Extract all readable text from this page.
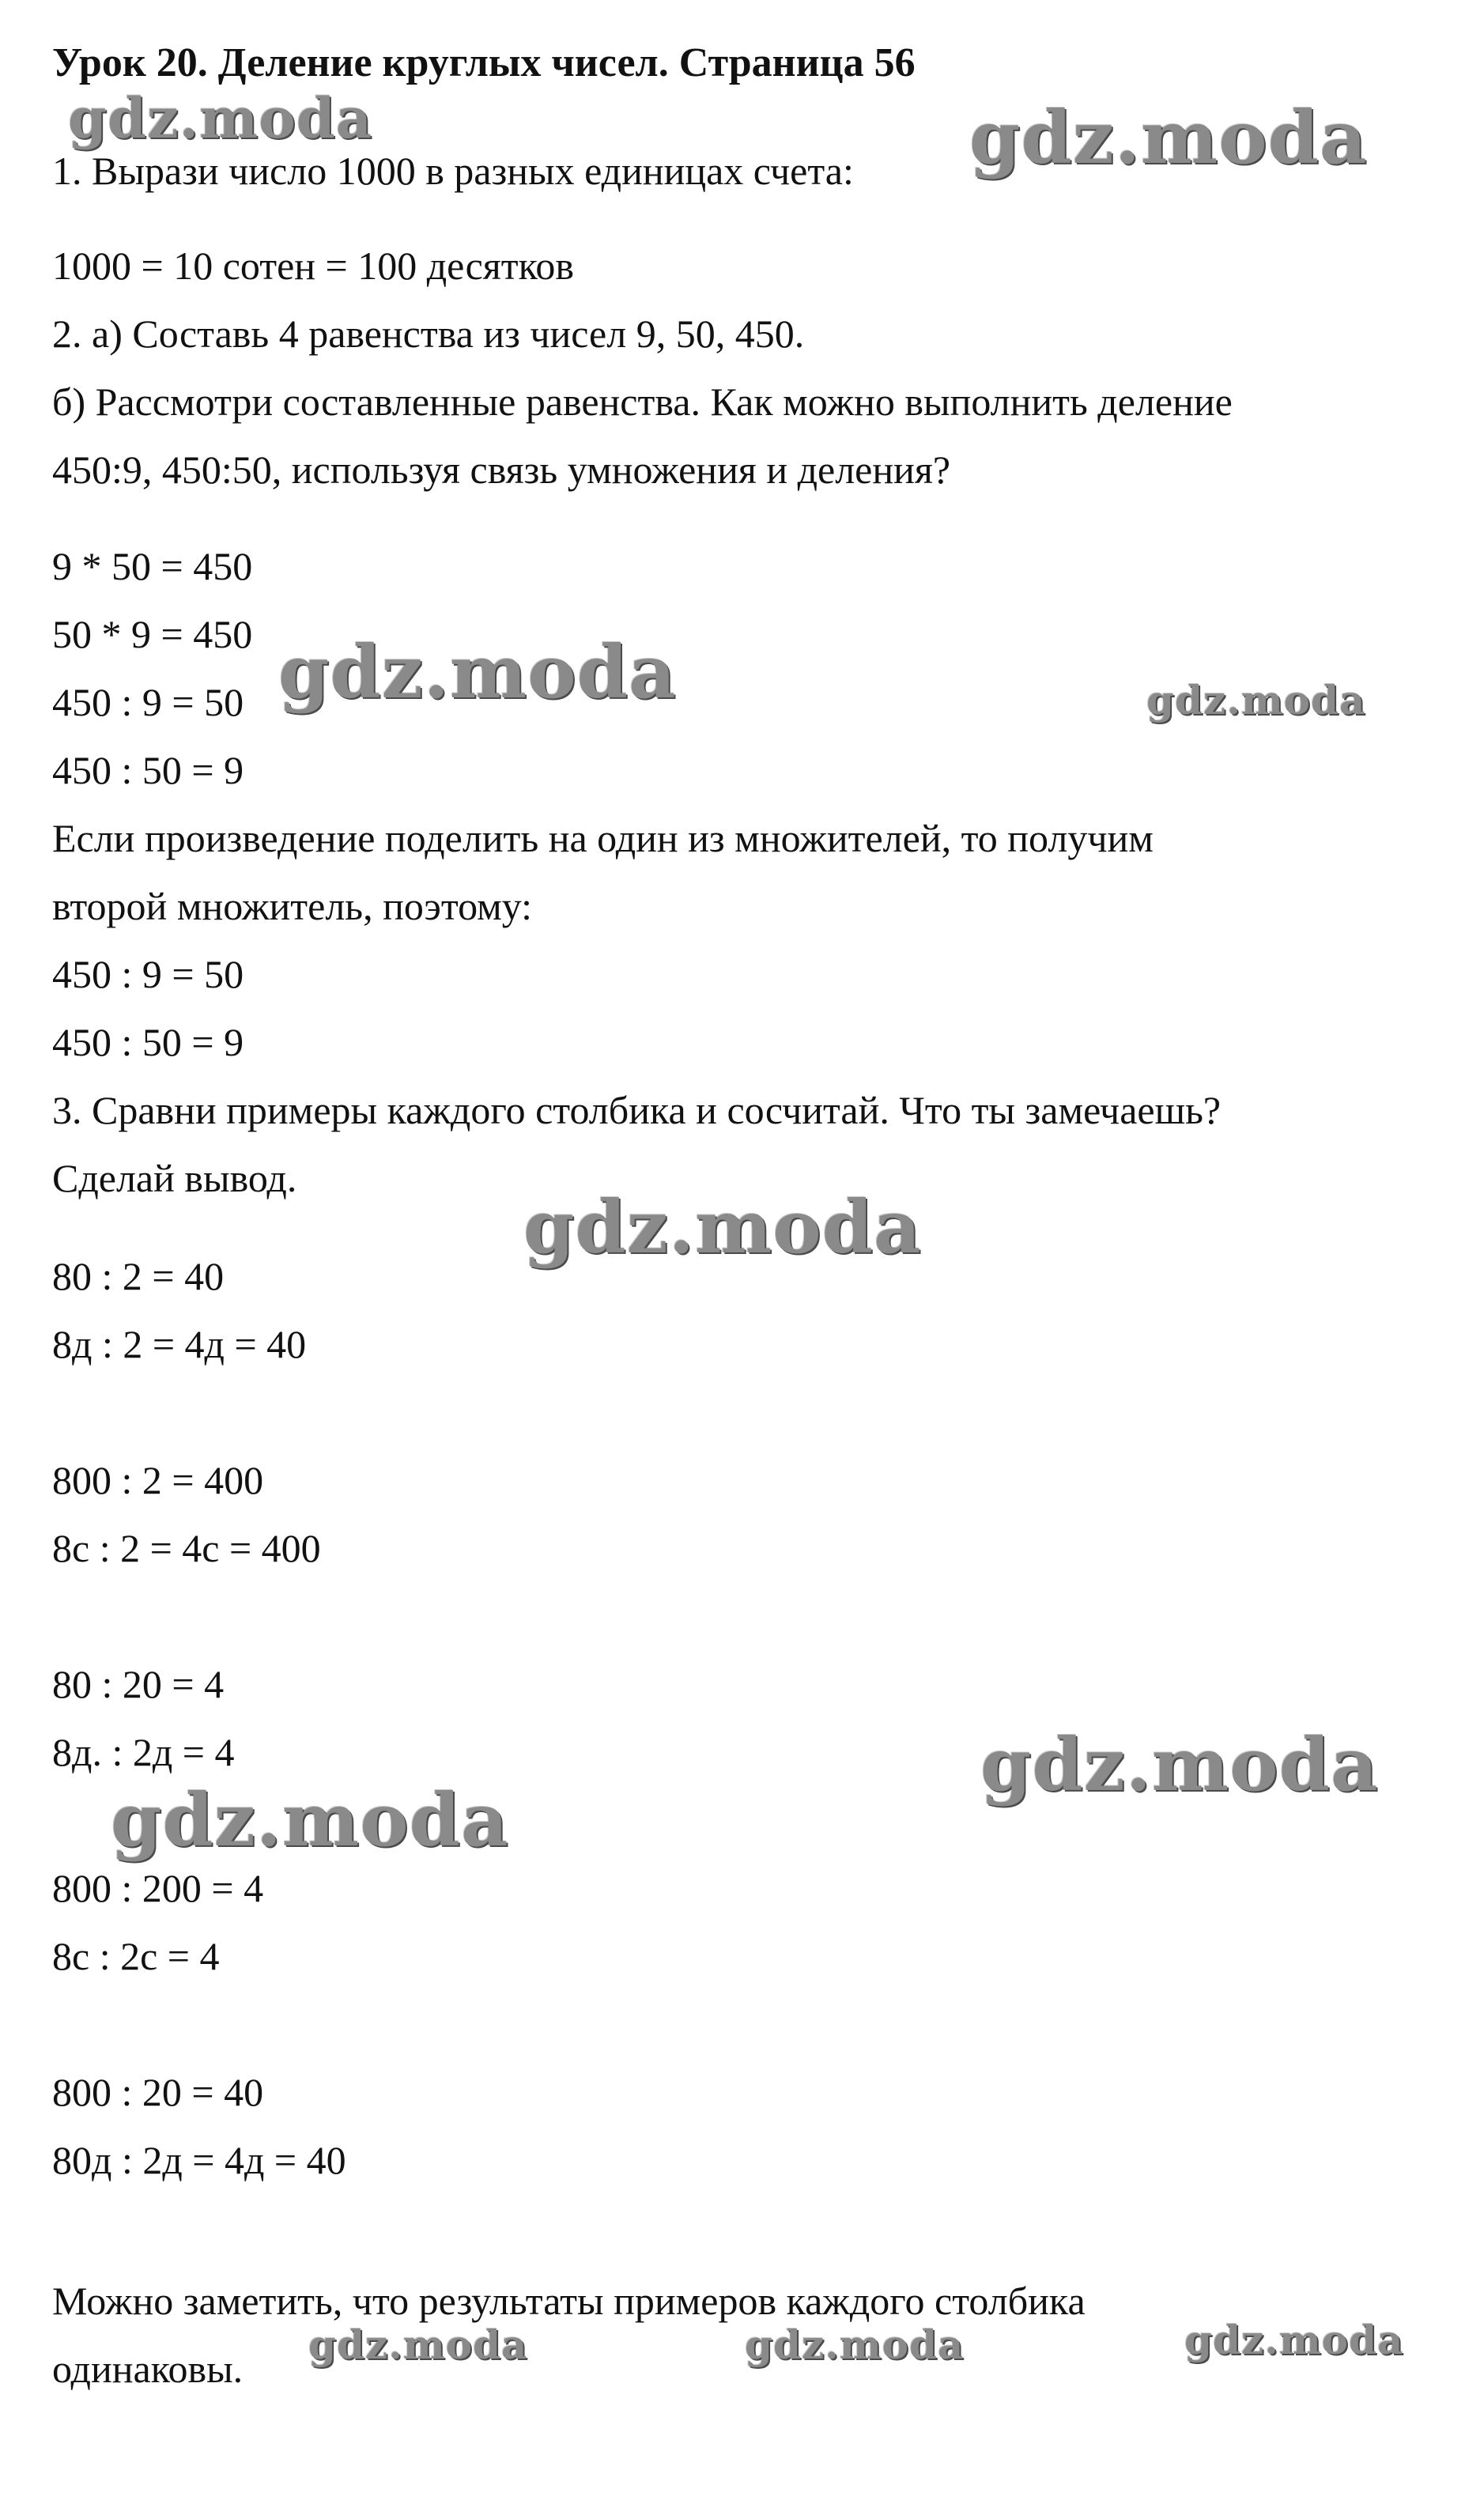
Урок 20. Деление круглых чисел. Страница 56
1. Вырази число 1000 в разных единицах счета:
1000 = 10 сотен = 100 десятков
2. а) Составь 4 равенства из чисел 9, 50, 450.
б) Рассмотри составленные равенства. Как можно выполнить деление
450:9, 450:50, используя связь умножения и деления?
9 * 50 = 450
50 * 9 = 450
450 : 9 = 50
450 : 50 = 9
Если произведение поделить на один из множителей, то получим
второй множитель, поэтому:
450 : 9 = 50
450 : 50 = 9
3. Сравни примеры каждого столбика и сосчитай. Что ты замечаешь?
Сделай вывод.
80 : 2 = 40
8д : 2 = 4д = 40
800 : 2 = 400
8с : 2 = 4с = 400
80 : 20 = 4
8д. : 2д = 4
800 : 200 = 4
8с : 2с = 4
800 : 20 = 40
80д : 2д = 4д = 40
Можно заметить, что результаты примеров каждого столбика
одинаковы.
gdz.moda	gdz.moda
gdz.moda	gdz.moda
gdz.moda
gdz.moda
gdz.moda
gdz.moda	gdz.moda	gdz.moda
